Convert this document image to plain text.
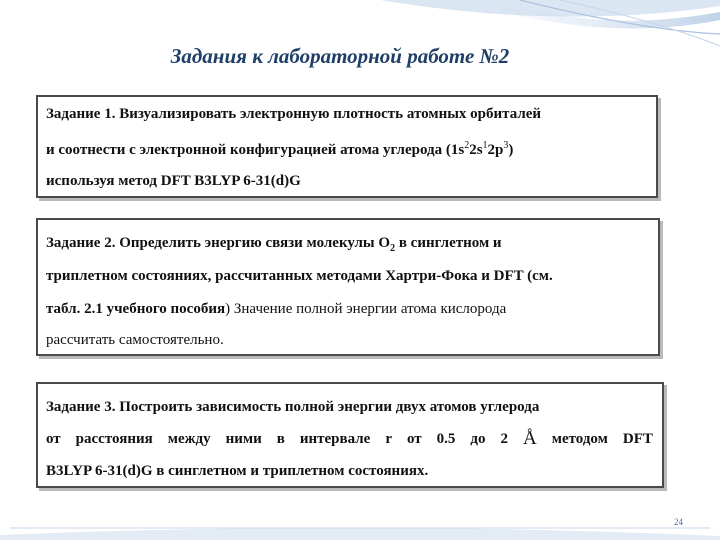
Задания к лабораторной работе №2
Задание 1. Визуализировать электронную плотность атомных орбиталей
и соотнести с электронной конфигурацией атома углерода $(1s^22s^12p^3)$
используя метод DFT B3LYP 6-31(d)G
Задание 2. Определить энергию связи молекулы $O_2$ в синглетном и
триплетном состояниях, рассчитанных методами Хартри-Фока и DFT (см.
табл. 2.1 учебного пособия) Значение полной энергии атома кислорода
рассчитать самостоятельно.
Задание 3. Построить зависимость полной энергии двух атомов углерода
от расстояния между ними в интервале r от 0.5 до 2 Å методом DFT
B3LYP 6-31(d)G в синглетном и триплетном состояниях.
24
